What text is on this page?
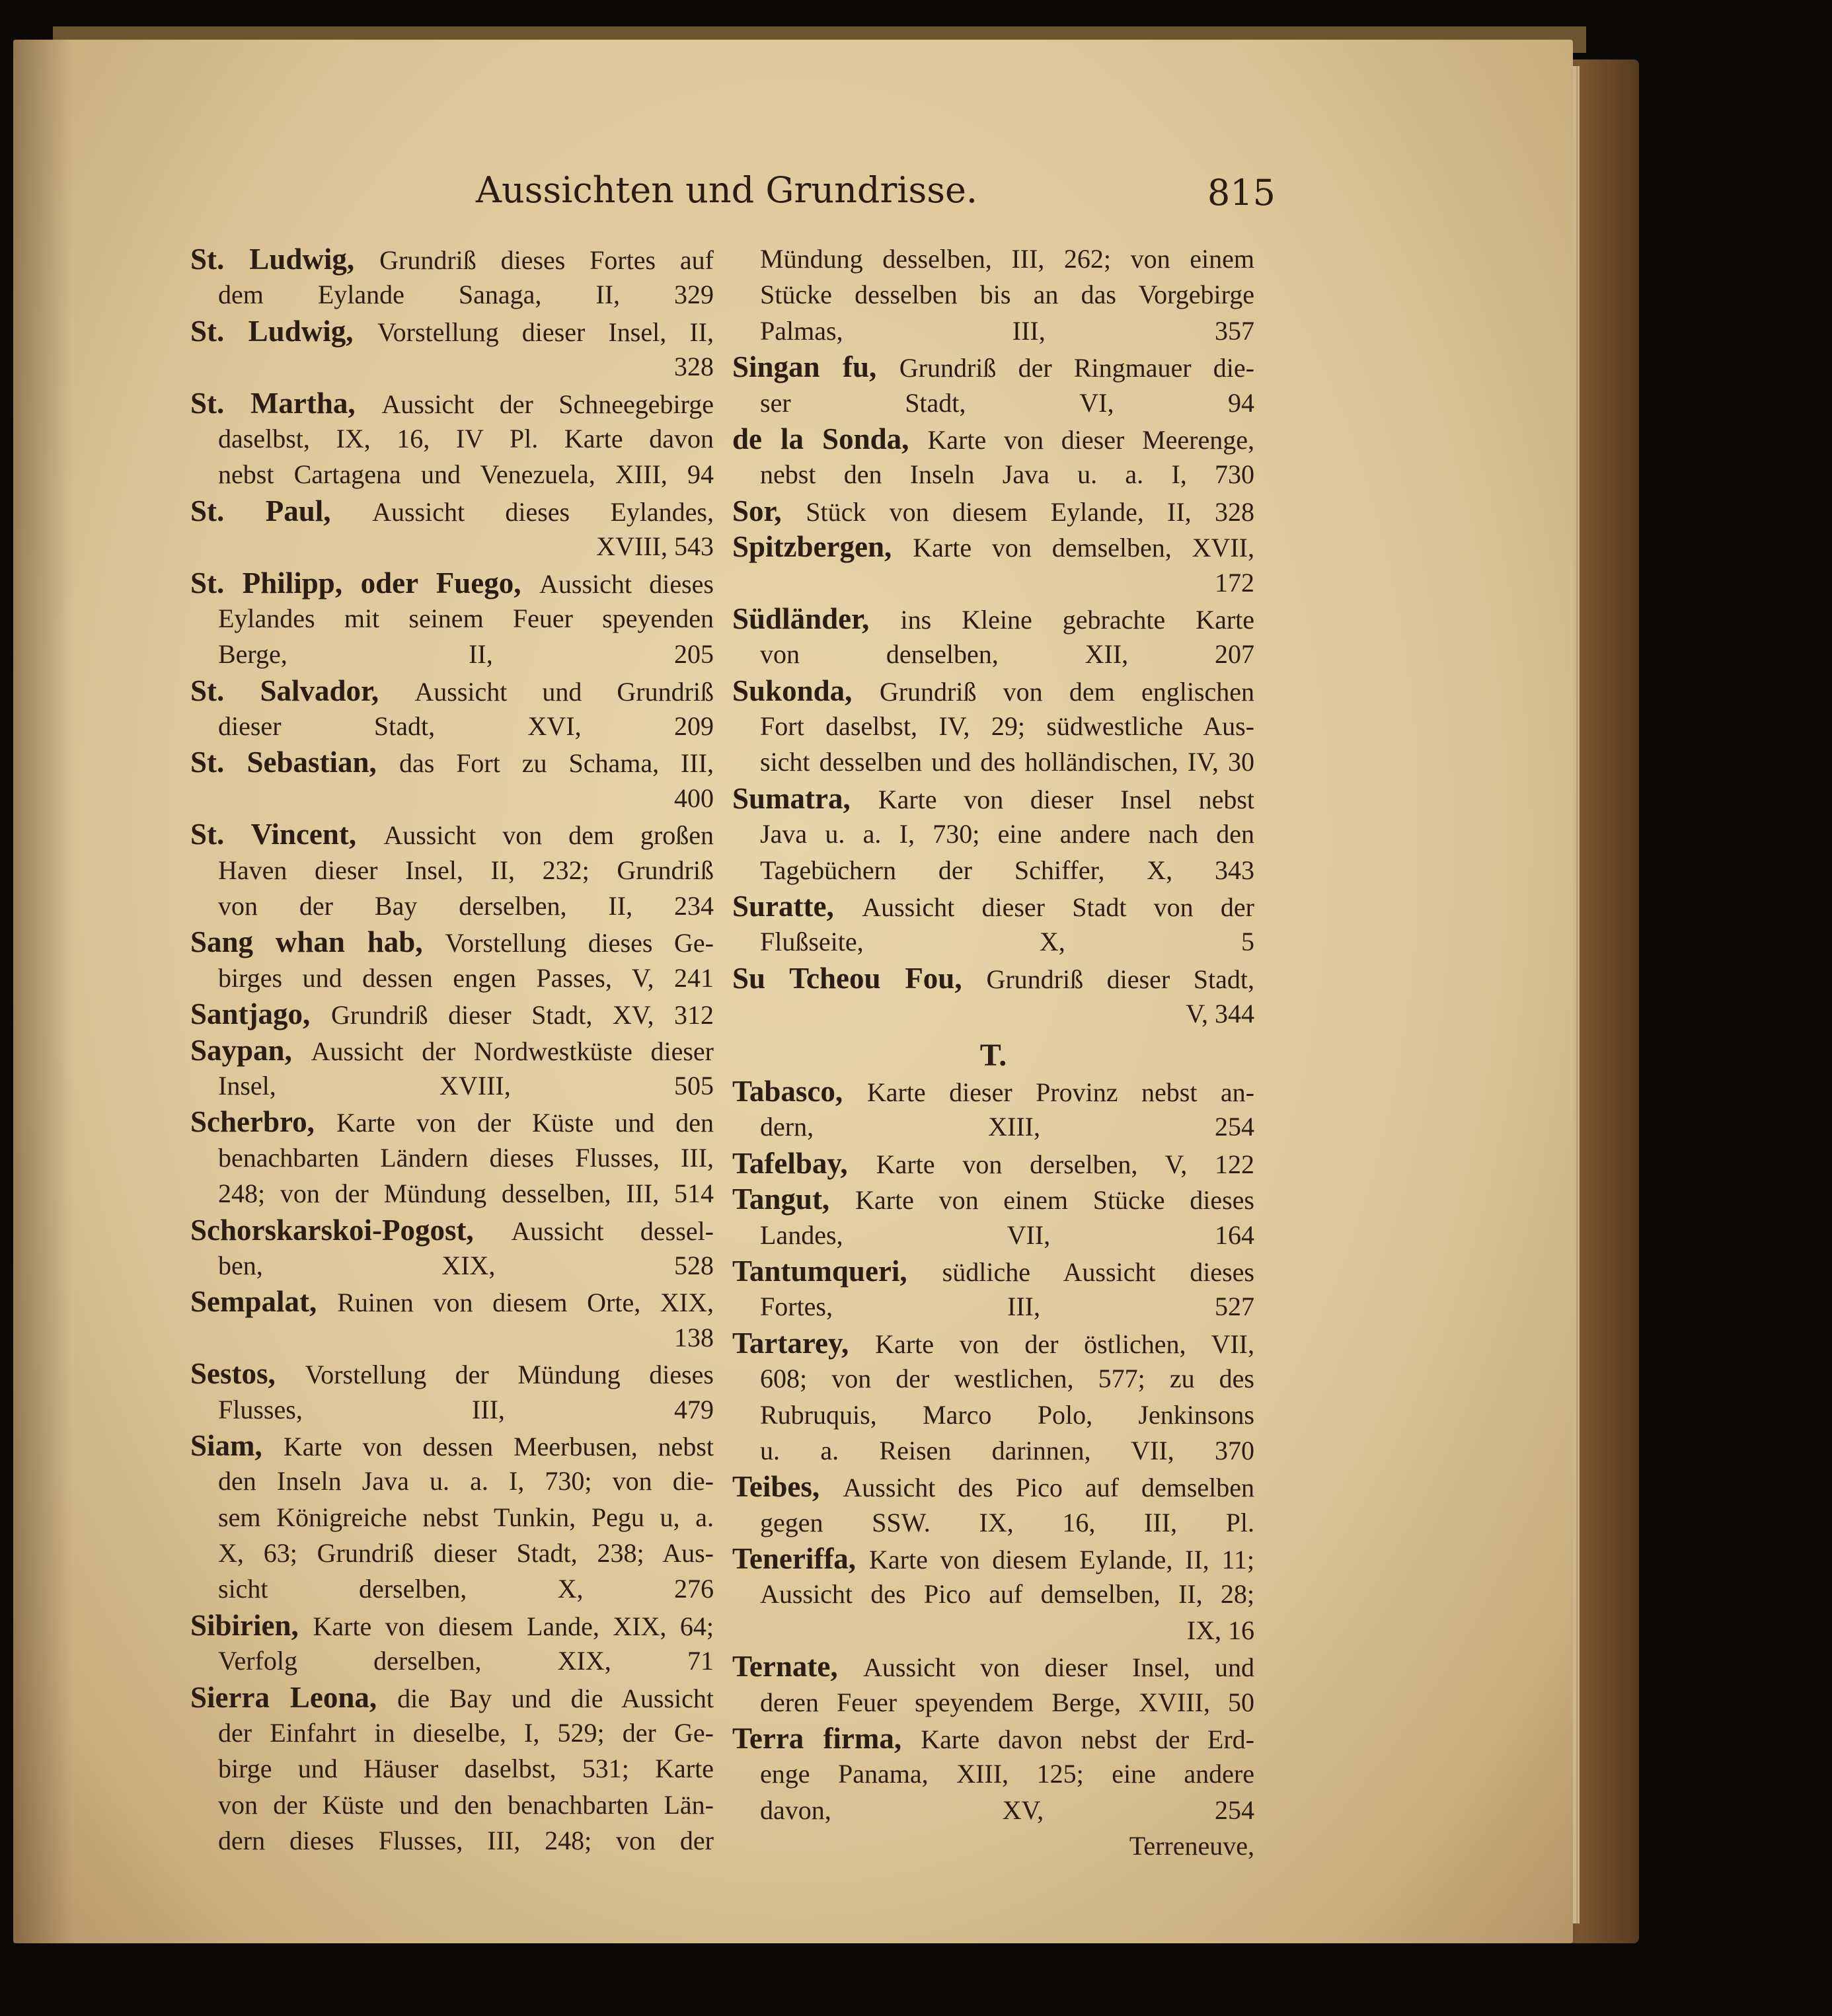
Aussichten und Grundrisse.	815
St. Ludwig, Grundriß dieses Fortes auf
dem Eylande Sanaga, II, 329
St. Ludwig, Vorstellung dieser Insel, II,
328
St. Martha, Aussicht der Schneegebirge
daselbst, IX, 16, IV Pl. Karte davon
nebst Cartagena und Venezuela, XIII, 94
St. Paul, Aussicht dieses Eylandes,
XVIII, 543
St. Philipp, oder Fuego, Aussicht dieses
Eylandes mit seinem Feuer speyenden
Berge, II, 205
St. Salvador, Aussicht und Grundriß
dieser Stadt, XVI, 209
St. Sebastian, das Fort zu Schama, III,
400
St. Vincent, Aussicht von dem großen
Haven dieser Insel, II, 232; Grundriß
von der Bay derselben, II, 234
Sang whan hab, Vorstellung dieses Ge-
birges und dessen engen Passes, V, 241
Santjago, Grundriß dieser Stadt, XV, 312
Saypan, Aussicht der Nordwestküste dieser
Insel, XVIII, 505
Scherbro, Karte von der Küste und den
benachbarten Ländern dieses Flusses, III,
248; von der Mündung desselben, III, 514
Schorskarskoi-Pogost, Aussicht dessel-
ben, XIX, 528
Sempalat, Ruinen von diesem Orte, XIX,
138
Sestos, Vorstellung der Mündung dieses
Flusses, III, 479
Siam, Karte von dessen Meerbusen, nebst
den Inseln Java u. a. I, 730; von die-
sem Königreiche nebst Tunkin, Pegu u, a.
X, 63; Grundriß dieser Stadt, 238; Aus-
sicht derselben, X, 276
Sibirien, Karte von diesem Lande, XIX, 64;
Verfolg derselben, XIX, 71
Sierra Leona, die Bay und die Aussicht
der Einfahrt in dieselbe, I, 529; der Ge-
birge und Häuser daselbst, 531; Karte
von der Küste und den benachbarten Län-
dern dieses Flusses, III, 248; von der
Mündung desselben, III, 262; von einem
Stücke desselben bis an das Vorgebirge
Palmas, III, 357
Singan fu, Grundriß der Ringmauer die-
ser Stadt, VI, 94
de la Sonda, Karte von dieser Meerenge,
nebst den Inseln Java u. a. I, 730
Sor, Stück von diesem Eylande, II, 328
Spitzbergen, Karte von demselben, XVII,
172
Südländer, ins Kleine gebrachte Karte
von denselben, XII, 207
Sukonda, Grundriß von dem englischen
Fort daselbst, IV, 29; südwestliche Aus-
sicht desselben und des holländischen, IV, 30
Sumatra, Karte von dieser Insel nebst
Java u. a. I, 730; eine andere nach den
Tagebüchern der Schiffer, X, 343
Suratte, Aussicht dieser Stadt von der
Flußseite, X, 5
Su Tcheou Fou, Grundriß dieser Stadt,
V, 344
T.
Tabasco, Karte dieser Provinz nebst an-
dern, XIII, 254
Tafelbay, Karte von derselben, V, 122
Tangut, Karte von einem Stücke dieses
Landes, VII, 164
Tantumqueri, südliche Aussicht dieses
Fortes, III, 527
Tartarey, Karte von der östlichen, VII,
608; von der westlichen, 577; zu des
Rubruquis, Marco Polo, Jenkinsons
u. a. Reisen darinnen, VII, 370
Teibes, Aussicht des Pico auf demselben
gegen SSW. IX, 16, III, Pl.
Teneriffa, Karte von diesem Eylande, II, 11;
Aussicht des Pico auf demselben, II, 28;
IX, 16
Ternate, Aussicht von dieser Insel, und
deren Feuer speyendem Berge, XVIII, 50
Terra firma, Karte davon nebst der Erd-
enge Panama, XIII, 125; eine andere
davon, XV, 254
Terreneuve,
